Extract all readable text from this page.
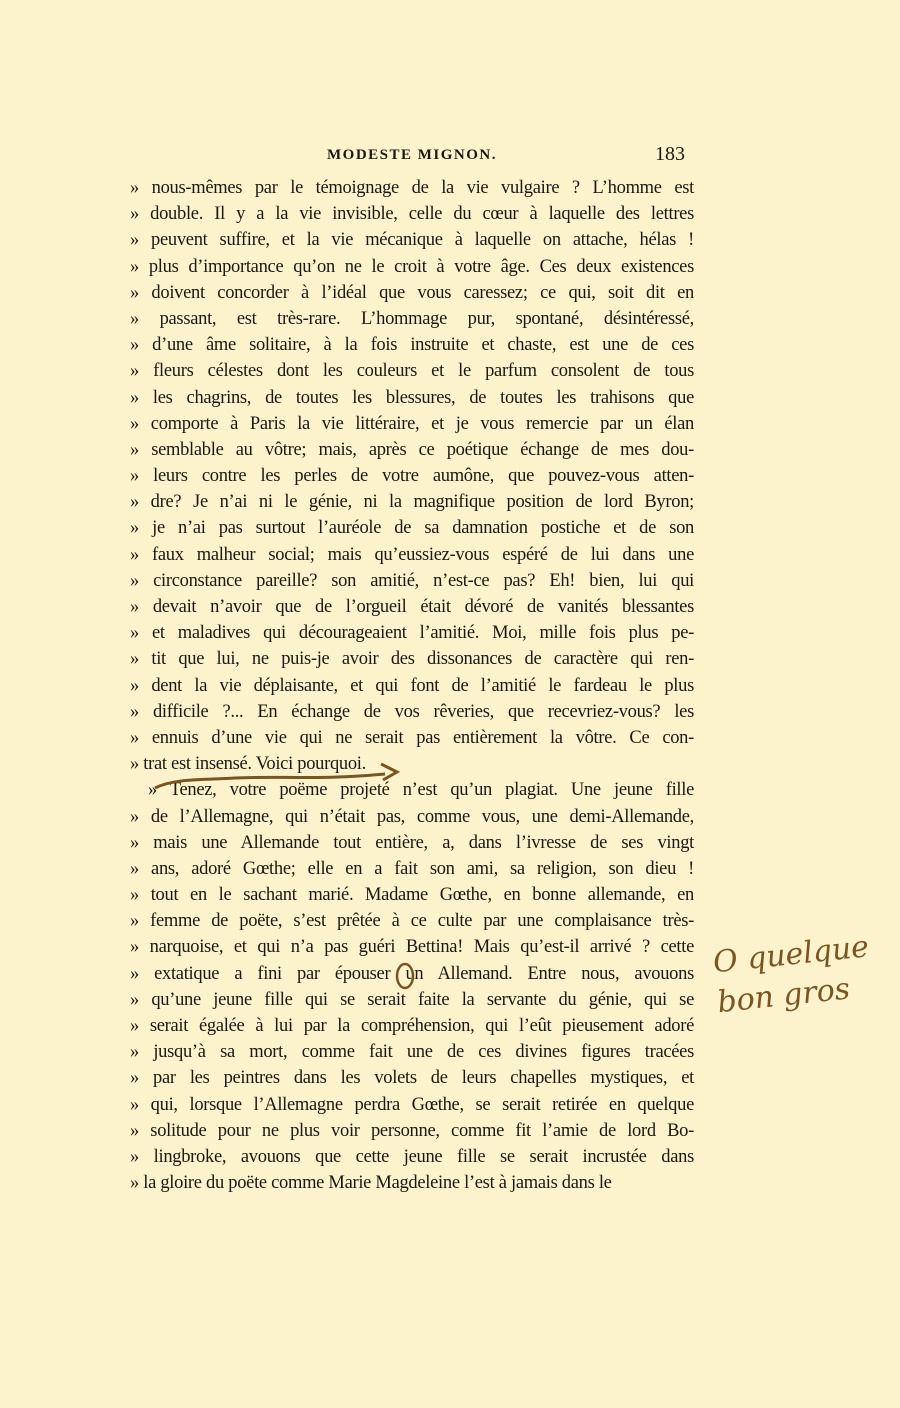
MODESTE MIGNON.	183
» nous-mêmes par le témoignage de la vie vulgaire ? L’homme est
» double. Il y a la vie invisible, celle du cœur à laquelle des lettres
» peuvent suffire, et la vie mécanique à laquelle on attache, hélas !
» plus d’importance qu’on ne le croit à votre âge. Ces deux existences
» doivent concorder à l’idéal que vous caressez; ce qui, soit dit en
» passant, est très-rare. L’hommage pur, spontané, désintéressé,
» d’une âme solitaire, à la fois instruite et chaste, est une de ces
» fleurs célestes dont les couleurs et le parfum consolent de tous
» les chagrins, de toutes les blessures, de toutes les trahisons que
» comporte à Paris la vie littéraire, et je vous remercie par un élan
» semblable au vôtre; mais, après ce poétique échange de mes dou-
» leurs contre les perles de votre aumône, que pouvez-vous atten-
» dre? Je n’ai ni le génie, ni la magnifique position de lord Byron;
» je n’ai pas surtout l’auréole de sa damnation postiche et de son
» faux malheur social; mais qu’eussiez-vous espéré de lui dans une
» circonstance pareille? son amitié, n’est-ce pas? Eh! bien, lui qui
» devait n’avoir que de l’orgueil était dévoré de vanités blessantes
» et maladives qui décourageaient l’amitié. Moi, mille fois plus pe-
» tit que lui, ne puis-je avoir des dissonances de caractère qui ren-
» dent la vie déplaisante, et qui font de l’amitié le fardeau le plus
» difficile ?... En échange de vos rêveries, que recevriez-vous? les
» ennuis d’une vie qui ne serait pas entièrement la vôtre. Ce con-
» trat est insensé. Voici pourquoi.
» Tenez, votre poëme projeté n’est qu’un plagiat. Une jeune fille
» de l’Allemagne, qui n’était pas, comme vous, une demi-Allemande,
» mais une Allemande tout entière, a, dans l’ivresse de ses vingt
» ans, adoré Gœthe; elle en a fait son ami, sa religion, son dieu !
» tout en le sachant marié. Madame Gœthe, en bonne allemande, en
» femme de poëte, s’est prêtée à ce culte par une complaisance très-
» narquoise, et qui n’a pas guéri Bettina! Mais qu’est-il arrivé ? cette
» extatique a fini par épouser un Allemand. Entre nous, avouons
» qu’une jeune fille qui se serait faite la servante du génie, qui se
» serait égalée à lui par la compréhension, qui l’eût pieusement adoré
» jusqu’à sa mort, comme fait une de ces divines figures tracées
» par les peintres dans les volets de leurs chapelles mystiques, et
» qui, lorsque l’Allemagne perdra Gœthe, se serait retirée en quelque
» solitude pour ne plus voir personne, comme fit l’amie de lord Bo-
» lingbroke, avouons que cette jeune fille se serait incrustée dans
» la gloire du poëte comme Marie Magdeleine l’est à jamais dans le
O quelque
bon gros
